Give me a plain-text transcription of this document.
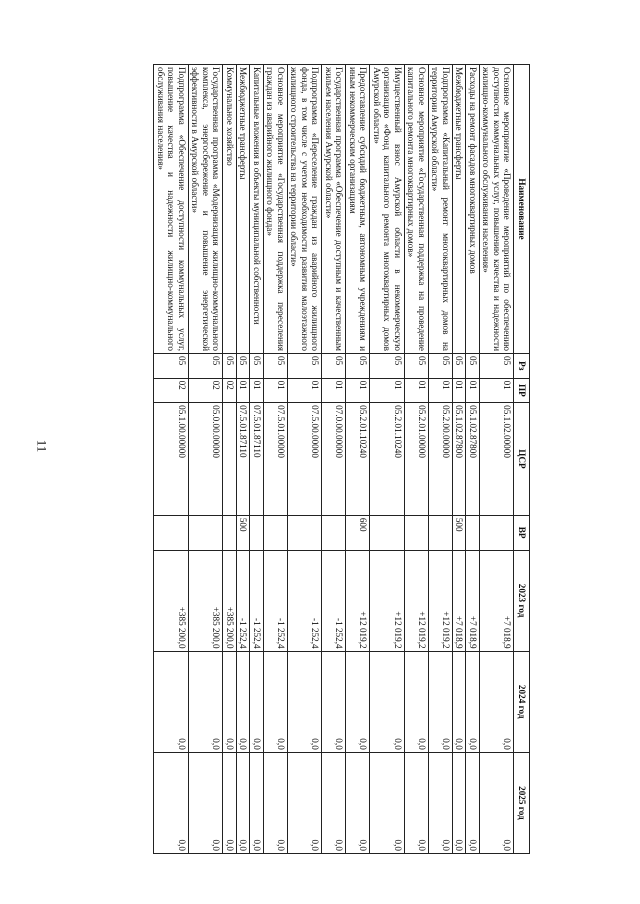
11
Наименование	Рз	ПР	ЦСР	ВР	2023 год	2024 год	2025 год
Основное мероприятие «Проведение мероприятий по обеспечению доступности коммунальных услуг, повышению качества и надежности жилищно-коммунального обслуживания населения»	05	01	05.1.02.00000		+7 018,9	0,0	0,0
Расходы на ремонт фасадов многоквартирных домов	05	01	05.1.02.87800		+7 018,9	0,0	0,0
Межбюджетные трансферты	05	01	05.1.02.87800	500	+7 018,9	0,0	0,0
Подпрограмма «Капитальный ремонт многоквартирных домов на территории Амурской области»	05	01	05.2.00.00000		+12 019,2	0,0	0,0
Основное мероприятие «Государственная поддержка на проведение капитального ремонта многоквартирных домов»	05	01	05.2.01.00000		+12 019,2	0,0	0,0
Имущественный взнос Амурской области в некоммерческую организацию «Фонд капитального ремонта многоквартирных домов Амурской области»	05	01	05.2.01.10240		+12 019,2	0,0	0,0
Предоставление субсидий бюджетным, автономным учреждениям и иным некоммерческим организациям	05	01	05.2.01.10240	600	+12 019,2	0,0	0,0
Государственная программа «Обеспечение доступным и качественным жильем населения Амурской области»	05	01	07.0.00.00000		-1 252,4	0,0	0,0
Подпрограмма «Переселение граждан из аварийного жилищного фонда, в том числе с учетом необходимости развития малоэтажного жилищного строительства на территории области»	05	01	07.5.00.00000		-1 252,4	0,0	0,0
Основное мероприятие «Государственная поддержка переселения граждан из аварийного жилищного фонда»	05	01	07.5.01.00000		-1 252,4	0,0	0,0
Капитальные вложения в объекты муниципальной собственности	05	01	07.5.01.87110		-1 252,4	0,0	0,0
Межбюджетные трансферты	05	01	07.5.01.87110	500	-1 252,4	0,0	0,0
Коммунальное хозяйство	05	02			+385 200,0	0,0	0,0
Государственная программа «Модернизация жилищно-коммунального комплекса, энергосбережение и повышение энергетической эффективности в Амурской области»	05	02	05.0.00.00000		+385 200,0	0,0	0,0
Подпрограмма «Обеспечение доступности коммунальных услуг, повышение качества и надежности жилищно-коммунального обслуживания населения»	05	02	05.1.00.00000		+385 200,0	0,0	0,0
